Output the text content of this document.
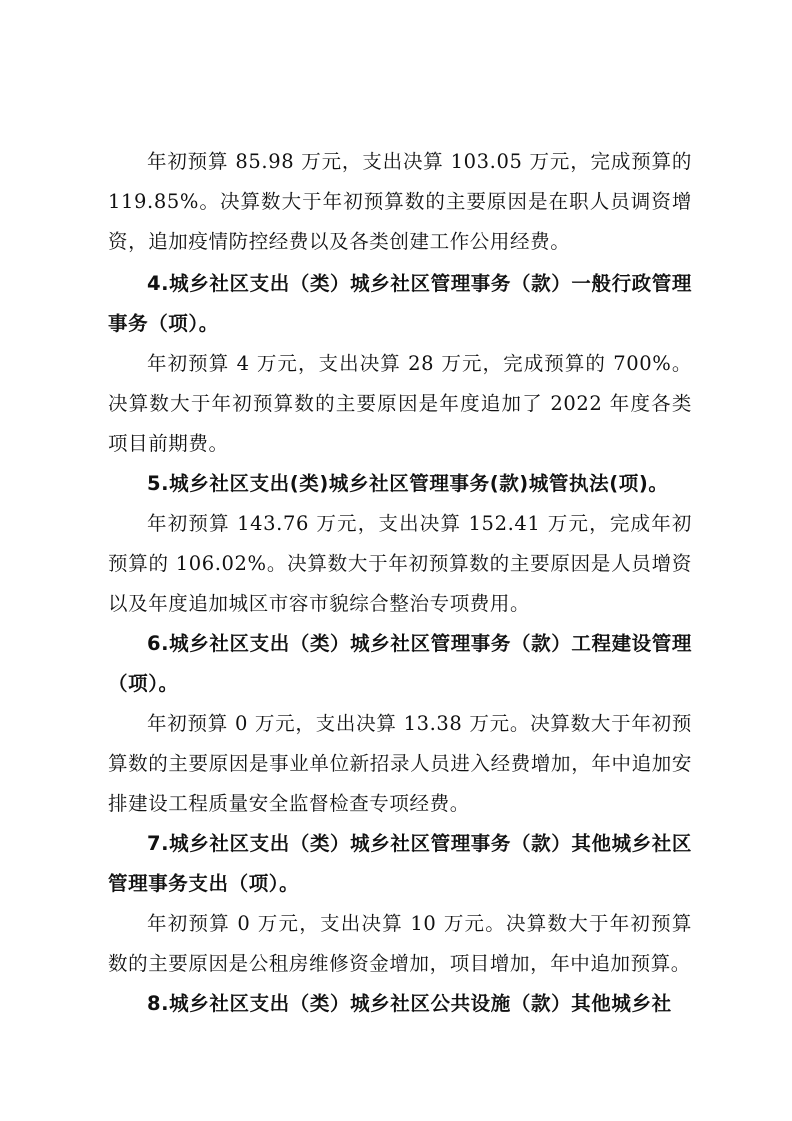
年初预算 85.98 万元，支出决算 103.05 万元，完成预算的 119.85%。决算数大于年初预算数的主要原因是在职人员调资增资，追加疫情防控经费以及各类创建工作公用经费。

4.城乡社区支出（类）城乡社区管理事务（款）一般行政管理事务（项）。

年初预算 4 万元，支出决算 28 万元，完成预算的 700%。决算数大于年初预算数的主要原因是年度追加了 2022 年度各类项目前期费。

5.城乡社区支出(类)城乡社区管理事务(款)城管执法(项)。

年初预算 143.76 万元，支出决算 152.41 万元，完成年初预算的 106.02%。决算数大于年初预算数的主要原因是人员增资以及年度追加城区市容市貌综合整治专项费用。

6.城乡社区支出（类）城乡社区管理事务（款）工程建设管理（项）。

年初预算 0 万元，支出决算 13.38 万元。决算数大于年初预算数的主要原因是事业单位新招录人员进入经费增加，年中追加安排建设工程质量安全监督检查专项经费。

7.城乡社区支出（类）城乡社区管理事务（款）其他城乡社区管理事务支出（项）。

年初预算 0 万元，支出决算 10 万元。决算数大于年初预算数的主要原因是公租房维修资金增加，项目增加，年中追加预算。

8.城乡社区支出（类）城乡社区公共设施（款）其他城乡社
